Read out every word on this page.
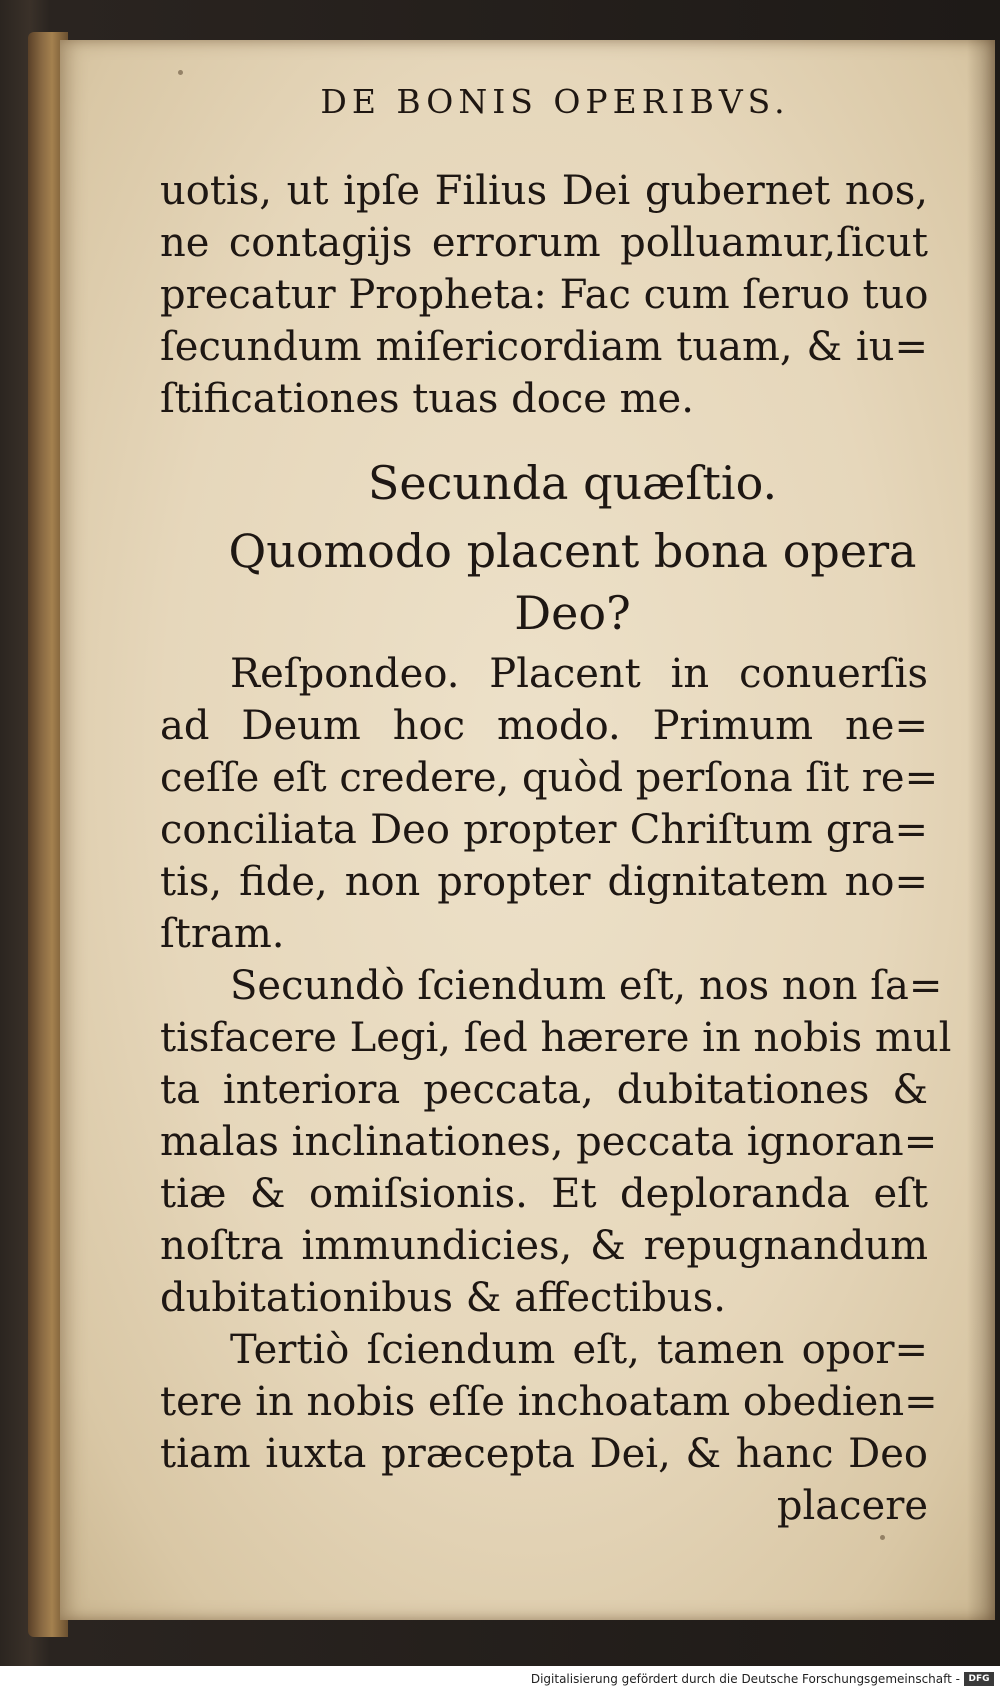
DE BONIS OPERIBVS.
uotis, ut ipſe Filius Dei gubernet nos,
ne contagijs errorum polluamur,ſicut
precatur Propheta: Fac cum ſeruo tuo
ſecundum miſericordiam tuam, & iu=
ſtificationes tuas doce me.
Secunda quæſtio.
Quomodo placent bona opera
Deo?
Reſpondeo. Placent in conuerſis
ad Deum hoc modo. Primum ne=
ceſſe eſt credere, quòd perſona ſit re=
conciliata Deo propter Chriſtum gra=
tis, fide, non propter dignitatem no=
ſtram.
Secundò ſciendum eſt, nos non ſa=
tisfacere Legi, ſed hærere in nobis mul
ta interiora peccata, dubitationes &
malas inclinationes, peccata ignoran=
tiæ & omiſsionis. Et deploranda eſt
noſtra immundicies, & repugnandum
dubitationibus & affectibus.
Tertiò ſciendum eſt, tamen opor=
tere in nobis eſſe inchoatam obedien=
tiam iuxta præcepta Dei, & hanc Deo
placere
Digitalisierung gefördert durch die Deutsche Forschungsgemeinschaft - DFG
